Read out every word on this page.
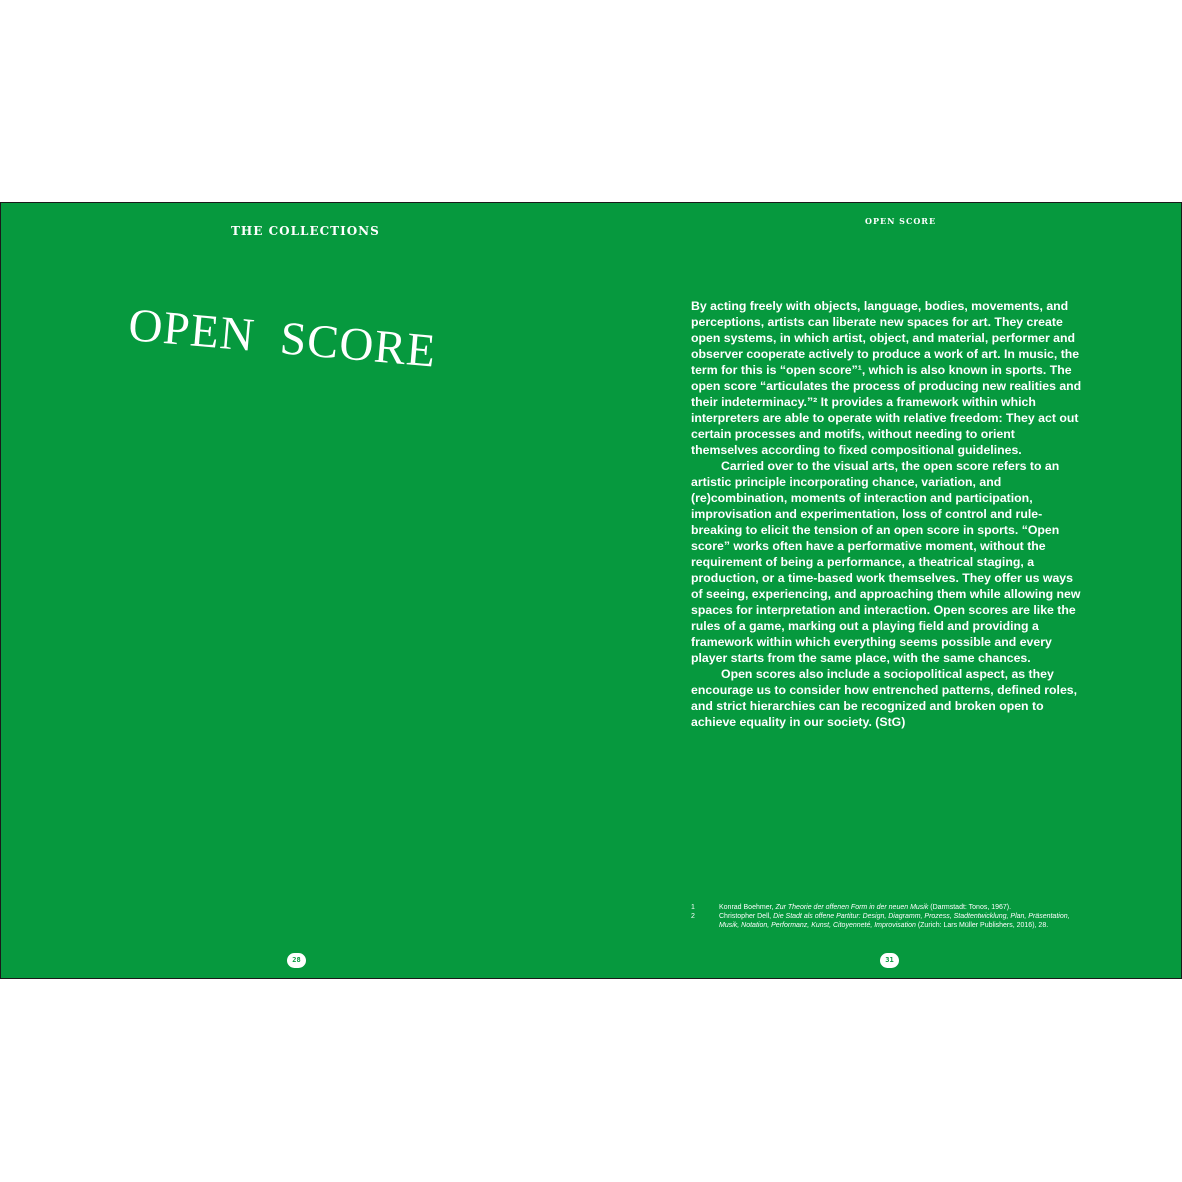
THE COLLECTIONS
OPEN SCORE
OPEN  SCORE	By acting freely with objects, language, bodies, movements, and perceptions, artists can liberate new spaces for art. They create open systems, in which artist, object, and material, performer and observer cooperate actively to produce a work of art. In music, the term for this is “open score”¹, which is also known in sports. The open score “articulates the process of producing new realities and their indeterminacy.”² It provides a framework within which interpreters are able to operate with relative freedom: They act out certain processes and motifs, without needing to orient themselves according to fixed compositional guidelines.

Carried over to the visual arts, the open score refers to an artistic principle incorporating chance, variation, and (re)combination, moments of interaction and participation, improvisation and experimentation, loss of control and rule-breaking to elicit the tension of an open score in sports. “Open score” works often have a performative moment, without the requirement of being a performance, a theatrical staging, a production, or a time-based work themselves. They offer us ways of seeing, experiencing, and approaching them while allowing new spaces for interpretation and interaction. Open scores are like the rules of a game, marking out a playing field and providing a framework within which everything seems possible and every player starts from the same place, with the same chances.

Open scores also include a sociopolitical aspect, as they encourage us to consider how entrenched patterns, defined roles, and strict hierarchies can be recognized and broken open to achieve equality in our society. (StG)

1	Konrad Boehmer, Zur Theorie der offenen Form in der neuen Musik (Darmstadt: Tonos, 1967).
2	Christopher Dell, Die Stadt als offene Partitur: Design, Diagramm, Prozess, Stadtentwicklung, Plan, Präsentation, Musik, Notation, Performanz, Kunst, Citoyenneté, Improvisation (Zurich: Lars Müller Publishers, 2016), 28.
28	31
